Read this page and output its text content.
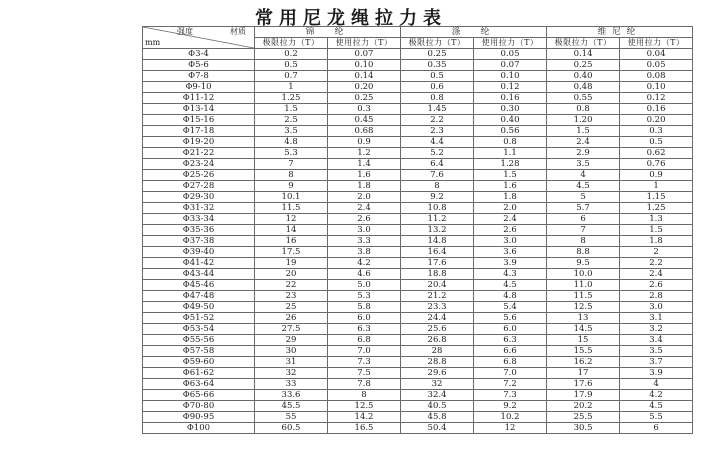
常用尼龙绳拉力表
强度 材质
mm	锦　纶		涤　纶		维尼纶	
	极限拉力（T）	使用拉力（T）	极限拉力（T）	使用拉力（T）	极限拉力（T）	使用拉力（T）
Φ3-4	0.2	0.07	0.25	0.05	0.14	0.04
Φ5-6	0.5	0.10	0.35	0.07	0.25	0.05
Φ7-8	0.7	0.14	0.5	0.10	0.40	0.08
Φ9-10	1	0.20	0.6	0.12	0.48	0.10
Φ11-12	1.25	0.25	0.8	0.16	0.55	0.12
Φ13-14	1.5	0.3	1.45	0.30	0.8	0.16
Φ15-16	2.5	0.45	2.2	0.40	1.20	0.20
Φ17-18	3.5	0.68	2.3	0.56	1.5	0.3
Φ19-20	4.8	0.9	4.4	0.8	2.4	0.5
Φ21-22	5.3	1.2	5.2	1.1	2.9	0.62
Φ23-24	7	1.4	6.4	1.28	3.5	0.76
Φ25-26	8	1.6	7.6	1.5	4	0.9
Φ27-28	9	1.8	8	1.6	4.5	1
Φ29-30	10.1	2.0	9.2	1.8	5	1.15
Φ31-32	11.5	2.4	10.8	2.0	5.7	1.25
Φ33-34	12	2.6	11.2	2.4	6	1.3
Φ35-36	14	3.0	13.2	2.6	7	1.5
Φ37-38	16	3.3	14.8	3.0	8	1.8
Φ39-40	17.5	3.8	16.4	3.6	8.8	2
Φ41-42	19	4.2	17.6	3.9	9.5	2.2
Φ43-44	20	4.6	18.8	4.3	10.0	2.4
Φ45-46	22	5.0	20.4	4.5	11.0	2.6
Φ47-48	23	5.3	21.2	4.8	11.5	2.8
Φ49-50	25	5.8	23.3	5.4	12.5	3.0
Φ51-52	26	6.0	24.4	5.6	13	3.1
Φ53-54	27.5	6.3	25.6	6.0	14.5	3.2
Φ55-56	29	6.8	26.8	6.3	15	3.4
Φ57-58	30	7.0	28	6.6	15.5	3.5
Φ59-60	31	7.3	28.8	6.8	16.2	3.7
Φ61-62	32	7.5	29.6	7.0	17	3.9
Φ63-64	33	7.8	32	7.2	17.6	4
Φ65-66	33.6	8	32.4	7.3	17.9	4.2
Φ70-80	45.5	12.5	40.5	9.2	20.2	4.5
Φ90-95	55	14.2	45.8	10.2	25.5	5.5
Φ100	60.5	16.5	50.4	12	30.5	6
